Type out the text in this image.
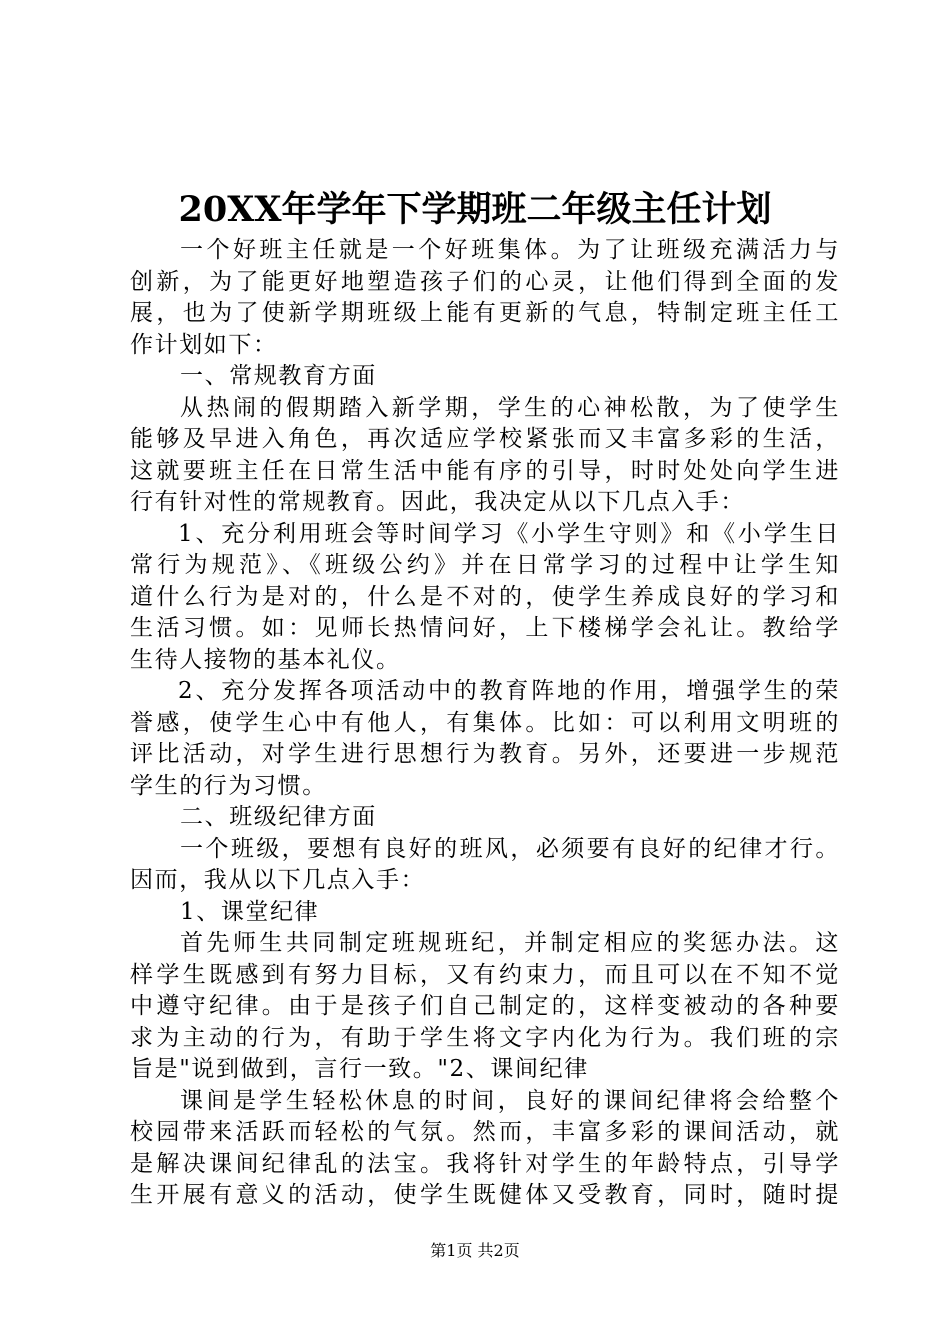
20XX年学年下学期班二年级主任计划
一个好班主任就是一个好班集体。为了让班级充满活力与
创新，为了能更好地塑造孩子们的心灵，让他们得到全面的发
展，也为了使新学期班级上能有更新的气息，特制定班主任工
作计划如下：
一、常规教育方面
从热闹的假期踏入新学期，学生的心神松散，为了使学生
能够及早进入角色，再次适应学校紧张而又丰富多彩的生活，
这就要班主任在日常生活中能有序的引导，时时处处向学生进
行有针对性的常规教育。因此，我决定从以下几点入手：
1、充分利用班会等时间学习《小学生守则》和《小学生日
常行为规范》、《班级公约》并在日常学习的过程中让学生知
道什么行为是对的，什么是不对的，使学生养成良好的学习和
生活习惯。如：见师长热情问好，上下楼梯学会礼让。教给学
生待人接物的基本礼仪。
2、充分发挥各项活动中的教育阵地的作用，增强学生的荣
誉感，使学生心中有他人，有集体。比如：可以利用文明班的
评比活动，对学生进行思想行为教育。另外，还要进一步规范
学生的行为习惯。
二、班级纪律方面
一个班级，要想有良好的班风，必须要有良好的纪律才行。
因而，我从以下几点入手：
1、课堂纪律
首先师生共同制定班规班纪，并制定相应的奖惩办法。这
样学生既感到有努力目标，又有约束力，而且可以在不知不觉
中遵守纪律。由于是孩子们自己制定的，这样变被动的各种要
求为主动的行为，有助于学生将文字内化为行为。我们班的宗
旨是"说到做到，言行一致。"2、课间纪律
课间是学生轻松休息的时间，良好的课间纪律将会给整个
校园带来活跃而轻松的气氛。然而，丰富多彩的课间活动，就
是解决课间纪律乱的法宝。我将针对学生的年龄特点，引导学
生开展有意义的活动，使学生既健体又受教育，同时，随时提
第1页 共2页
